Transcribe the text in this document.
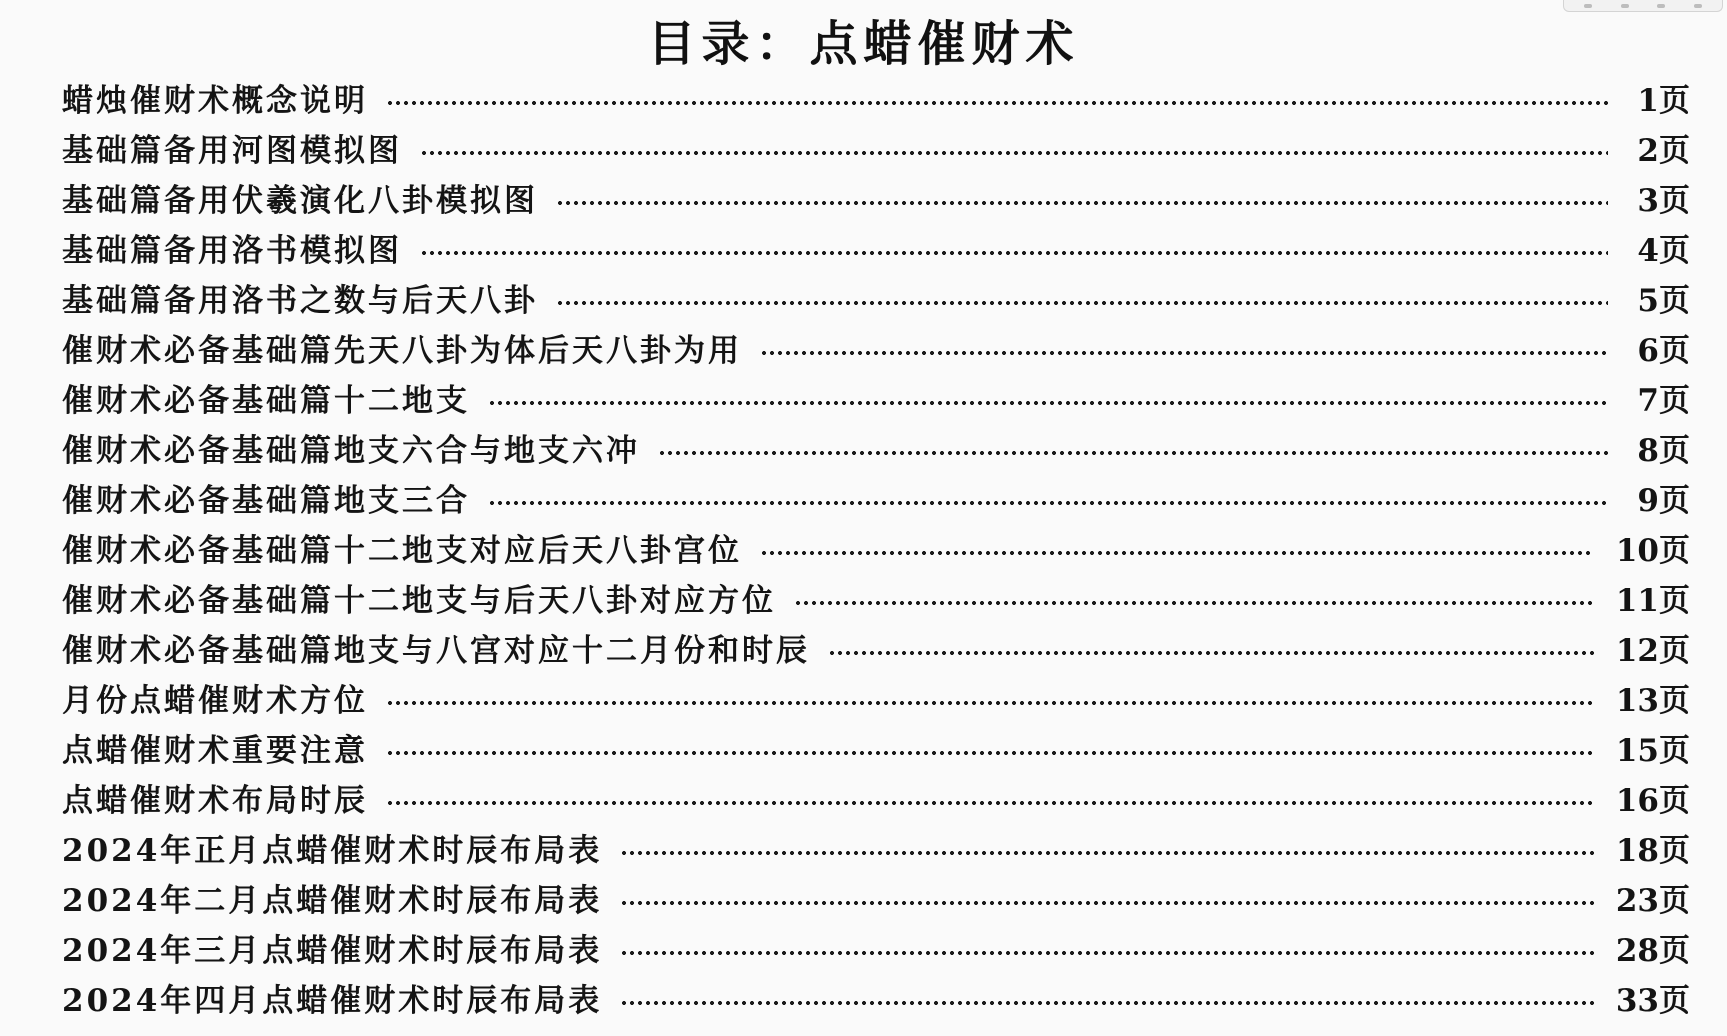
目录：点蜡催财术
蜡烛催财术概念说明	1页
基础篇备用河图模拟图	2页
基础篇备用伏羲演化八卦模拟图	3页
基础篇备用洛书模拟图	4页
基础篇备用洛书之数与后天八卦	5页
催财术必备基础篇先天八卦为体后天八卦为用	6页
催财术必备基础篇十二地支	7页
催财术必备基础篇地支六合与地支六冲	8页
催财术必备基础篇地支三合	9页
催财术必备基础篇十二地支对应后天八卦宫位	10页
催财术必备基础篇十二地支与后天八卦对应方位	11页
催财术必备基础篇地支与八宫对应十二月份和时辰	12页
月份点蜡催财术方位	13页
点蜡催财术重要注意	15页
点蜡催财术布局时辰	16页
2024年正月点蜡催财术时辰布局表	18页
2024年二月点蜡催财术时辰布局表	23页
2024年三月点蜡催财术时辰布局表	28页
2024年四月点蜡催财术时辰布局表	33页
